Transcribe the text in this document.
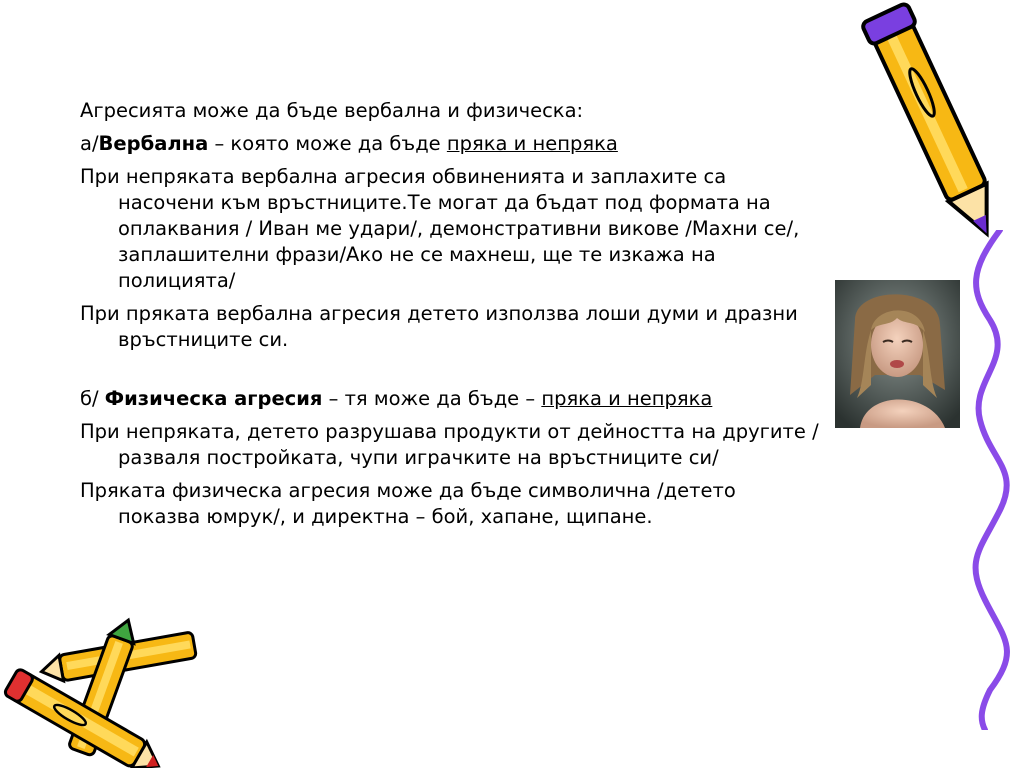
Агресията може да бъде вербална и физическа:

а/Вербална – която може да бъде пряка и непряка

При непряката вербална агресия обвиненията и заплахите са насочени към връстниците.Те могат да бъдат под формата на оплаквания / Иван ме удари/, демонстративни викове /Махни се/, заплашителни фрази/Ако не се махнеш, ще те изкажа на полицията/

При пряката вербална агресия детето използва лоши думи и дразни връстниците си.

б/ Физическа агресия – тя може да бъде – пряка и непряка

При непряката, детето разрушава продукти от дейността на другите /разваля постройката, чупи играчките на връстниците си/

Пряката физическа агресия може да бъде символична /детето показва юмрук/, и директна – бой, хапане, щипане.
